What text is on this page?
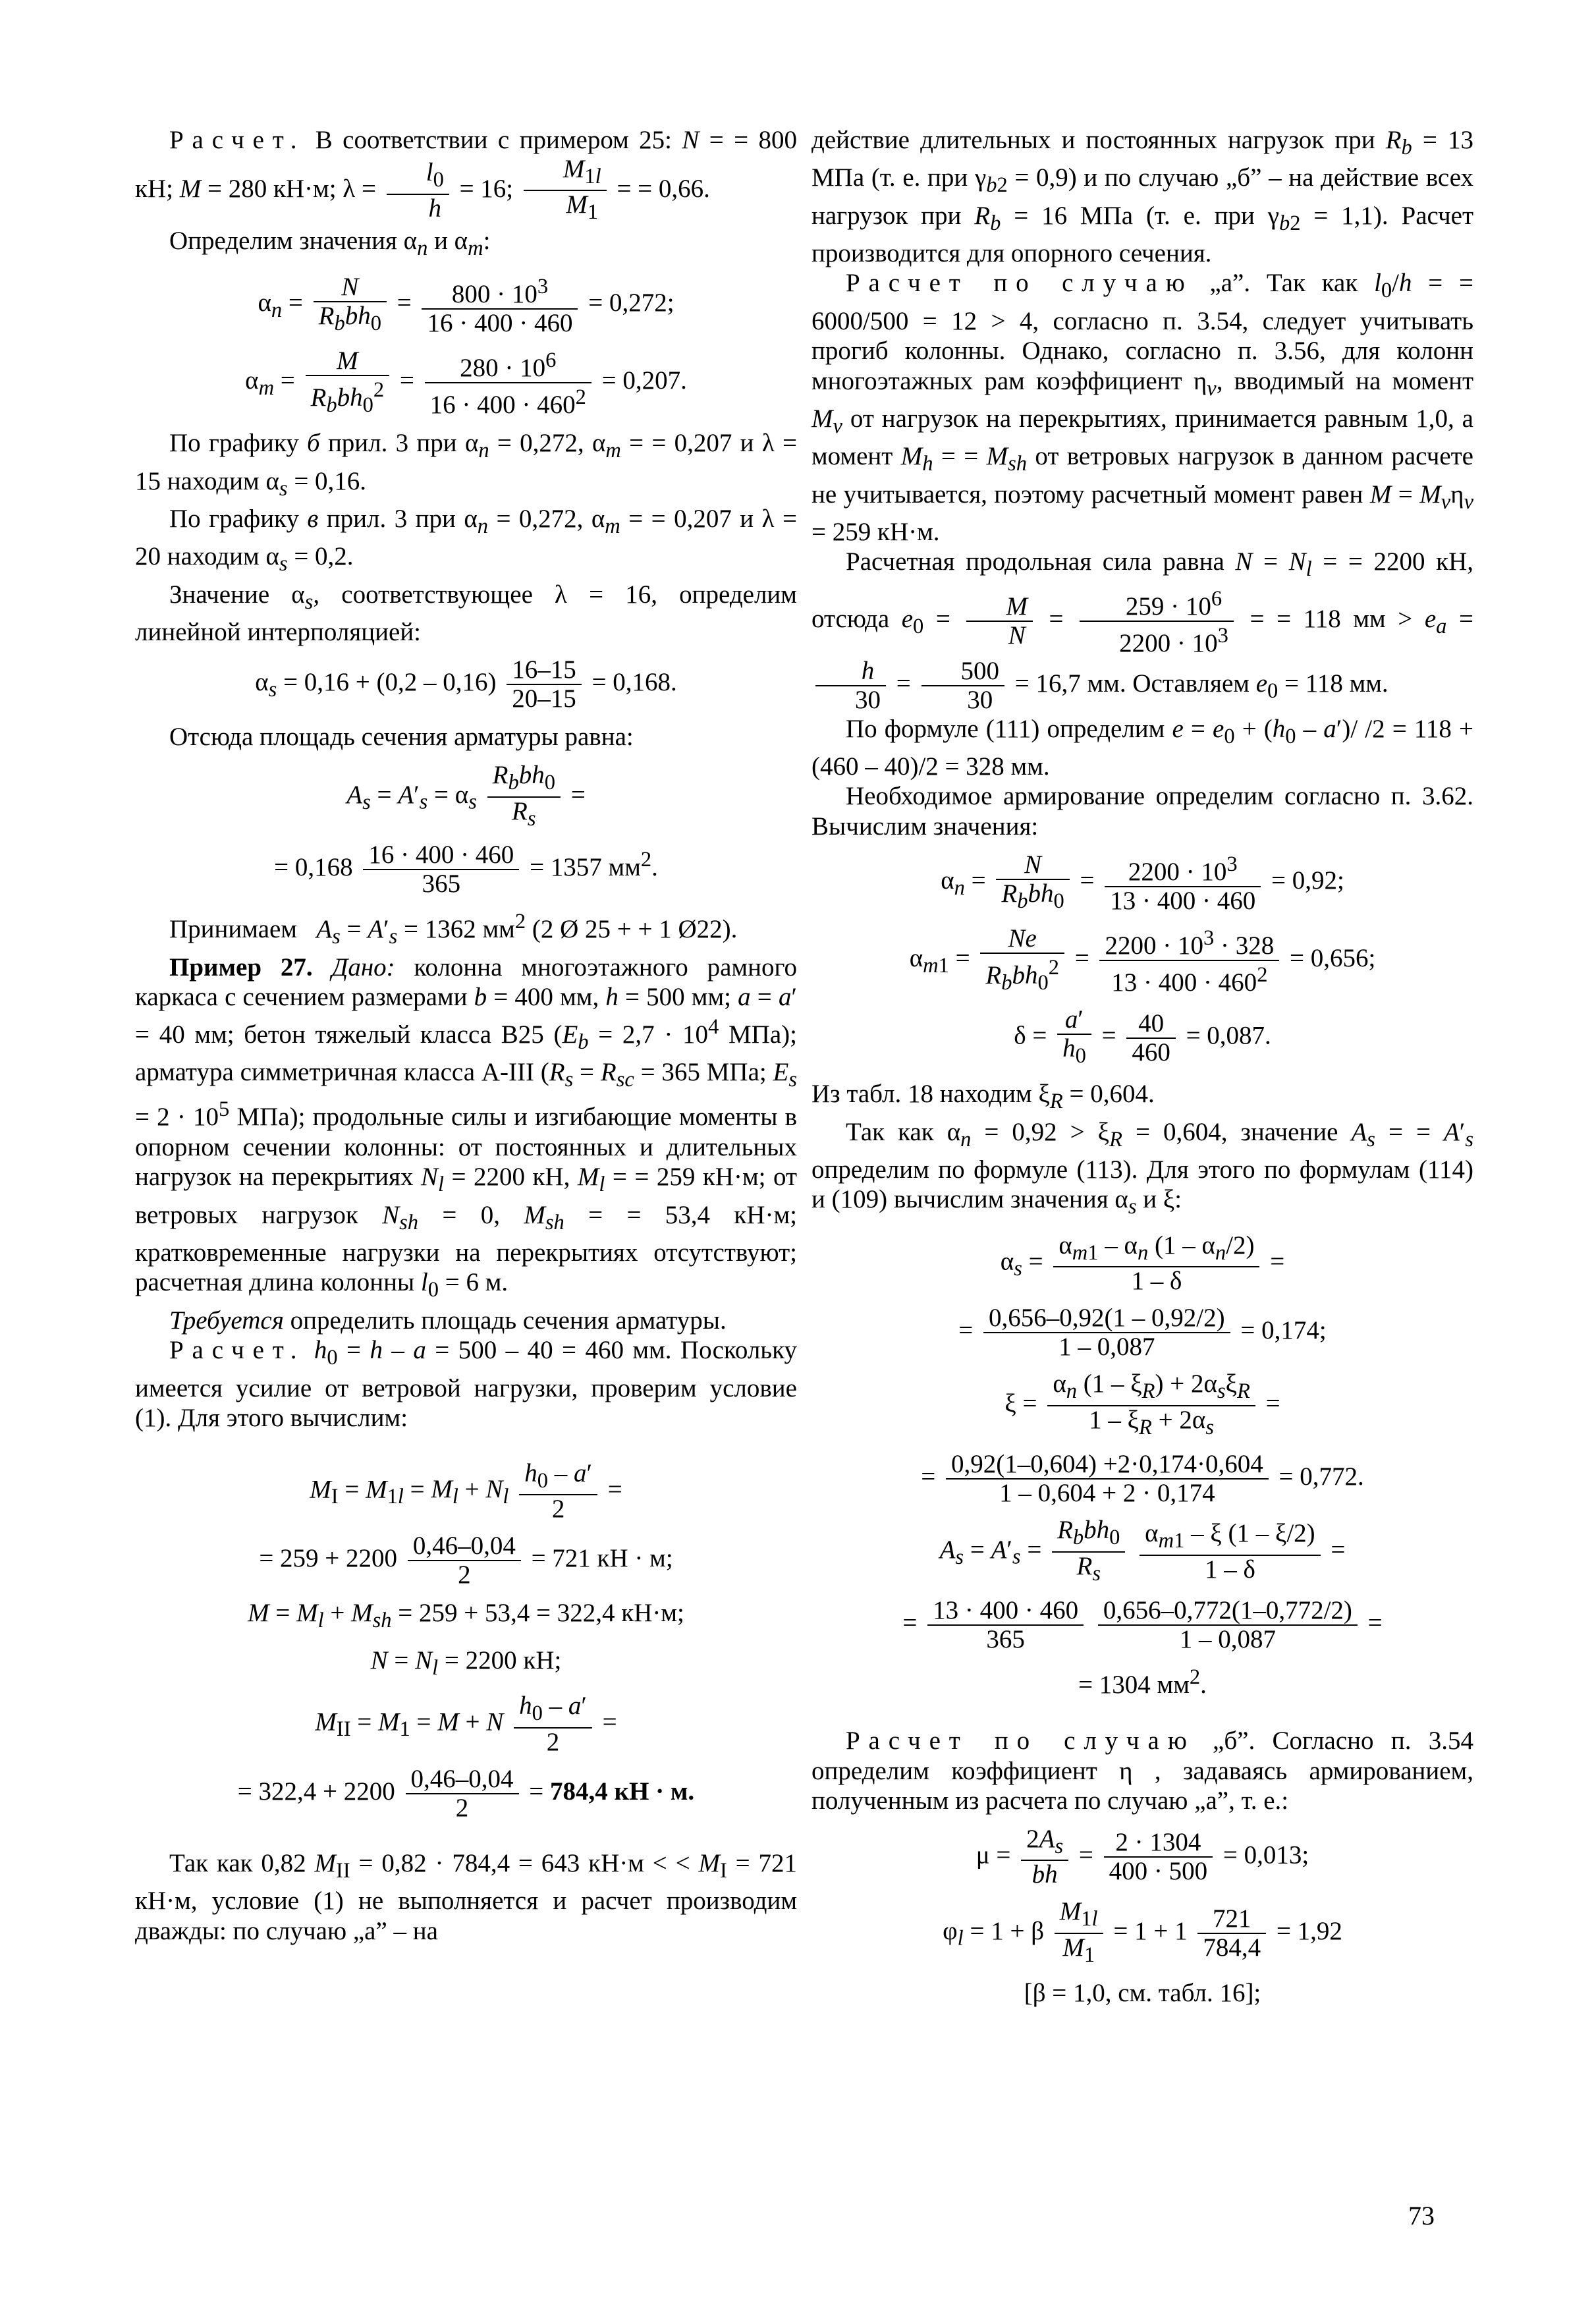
Расчет. В соответствии с примером 25: N = = 800 кН; M = 280 кН·м; $\lambda = \frac{l_0}{h} = 16$; $\frac{M_{1l}}{M_1}$ = = 0,66.

Определим значения $\alpha_n$ и $\alpha_m$:

$\alpha_n = \frac{N}{R_bbh_0} = \frac{800 \cdot 10^3}{16 \cdot 400 \cdot 460} = 0,272$;
$\alpha_m = \frac{M}{R_bbh_0^2} = \frac{280 \cdot 10^6}{16 \cdot 400 \cdot 460^2} = 0,207$.

По графику б прил. 3 при $\alpha_n = 0,272$, $\alpha_m$ = = 0,207 и λ = 15 находим $\alpha_s = 0,16$.

По графику в прил. 3 при $\alpha_n = 0,272$, $\alpha_m$ = = 0,207 и λ = 20 находим $\alpha_s = 0,2$.

Значение $\alpha_s$, соответствующее λ = 16, определим линейной интерполяцией:

$\alpha_s = 0,16 + (0,2 - 0,16) \frac{16-15}{20-15} = 0,168$.

Отсюда площадь сечения арматуры равна:

$A_s = A'_s = \alpha_s \frac{R_bbh_0}{R_s}$ =
= $0,168 \frac{16 \cdot 400 \cdot 460}{365} = 1357$ $мм^2$.

Принимаем   $A_s = A'_s = 1362$ $мм^2$ (2 Ø 25 + + 1 Ø22).

Пример 27. Дано: колонна многоэтажного рамного каркаса с сечением размерами b = 400 мм, h = 500 мм; a = a′ = 40 мм; бетон тяжелый класса В25 ($E_b = 2,7 \cdot 10^4$ МПа); арматура симметричная класса А-III ($R_s = R_{sc} = 365$ МПа; $E_s = 2 \cdot 10^5$ МПа); продольные силы и изгибающие моменты в опорном сечении колонны: от постоянных и длительных нагрузок на перекрытиях $N_l = 2200$ кН, $M_l$ = = 259 кН·м; от ветровых нагрузок $N_{sh} = 0$, $M_{sh}$ = = 53,4 кН·м; кратковременные нагрузки на перекрытиях отсутствуют; расчетная длина колонны $l_0 = 6$ м.

Требуется определить площадь сечения арматуры.

Расчет. $h_0 = h - a = 500 - 40 = 460$ мм. Поскольку имеется усилие от ветровой нагрузки, проверим условие (1). Для этого вычислим:

$M_I = M_{1l} = M_l + N_l \frac{h_0 - a'}{2}$ =
= $259 + 2200 \frac{0,46-0,04}{2} = 721$ кН · м;
$M = M_l + M_{sh} = 259 + 53,4 = 322,4$ кН·м;
$N = N_l = 2200$ кН;
$M_{II} = M_1 = M + N \frac{h_0 - a'}{2}$ =
= $322,4 + 2200 \frac{0,46-0,04}{2} = 784,4$ кН · м.

Так как 0,82 $M_{II} = 0,82 \cdot 784,4 = 643$ кН·м < < $M_I = 721$ кН·м, условие (1) не выполняется и расчет производим дважды: по случаю „а” – на

действие длительных и постоянных нагрузок при $R_b = 13$ МПа (т. е. при $\gamma_{b2} = 0,9$) и по случаю „б” – на действие всех нагрузок при $R_b = 16$ МПа (т. е. при $\gamma_{b2} = 1,1$). Расчет производится для опорного сечения.

Расчет по случаю „а”. Так как $l_0/h$ = = 6000/500 = 12 > 4, согласно п. 3.54, следует учитывать прогиб колонны. Однако, согласно п. 3.56, для колонн многоэтажных рам коэффициент $\eta_v$, вводимый на момент $M_v$ от нагрузок на перекрытиях, принимается равным 1,0, а момент $M_h$ = = $M_{sh}$ от ветровых нагрузок в данном расчете не учитывается, поэтому расчетный момент равен $M = M_v\eta_v = 259$ кН·м.

Расчетная продольная сила равна $N = N_l$ = = 2200 кН, отсюда $e_0 = \frac{M}{N} = \frac{259 \cdot 10^6}{2200 \cdot 10^3}$ = = 118 мм > $e_a$ =
$\frac{h}{30} = \frac{500}{30} = 16,7$ мм. Оставляем $e_0 = 118$ мм.

По формуле (111) определим $e = e_0 + (h_0 - a')/$ /2 = 118 + (460 – 40)/2 = 328 мм.

Необходимое армирование определим согласно п. 3.62. Вычислим значения:

$\alpha_n = \frac{N}{R_bbh_0} = \frac{2200 \cdot 10^3}{13 \cdot 400 \cdot 460} = 0,92$;
$\alpha_{m1} = \frac{Ne}{R_bbh_0^2} = \frac{2200 \cdot 10^3 \cdot 328}{13 \cdot 400 \cdot 460^2} = 0,656$;
$\delta = \frac{a'}{h_0} = \frac{40}{460} = 0,087$.

Из табл. 18 находим $\xi_R = 0,604$.

Так как $\alpha_n = 0,92 > \xi_R = 0,604$, значение $A_s$ = = $A'_s$ определим по формуле (113). Для этого по формулам (114) и (109) вычислим значения $\alpha_s$ и ξ:

$\alpha_s = \frac{\alpha_{m1} - \alpha_n (1 - \alpha_n/2)}{1 - \delta}$ =
= $\frac{0,656-0,92(1 - 0,92/2)}{1 - 0,087} = 0,174$;
$\xi = \frac{\alpha_n (1 - \xi_R) + 2\alpha_s\xi_R}{1 - \xi_R + 2\alpha_s}$ =
= $\frac{0,92(1-0,604) +2\cdot 0,174\cdot 0,604}{1 - 0,604 + 2 \cdot 0,174} = 0,772$.
$A_s = A'_s = \frac{R_bbh_0}{R_s}$
$\frac{\alpha_{m1} - \xi (1 - \xi/2)}{1 - \delta}$ =
= $\frac{13 \cdot 400 \cdot 460}{365}$
$\frac{0,656-0,772(1-0,772/2)}{1 - 0,087}$ =
= 1304 $мм^2$.

Расчет по случаю „б”. Согласно п. 3.54 определим коэффициент η , задаваясь армированием, полученным из расчета по случаю „а”, т. е.:

$\mu = \frac{2A_s}{bh} = \frac{2 \cdot 1304}{400 \cdot 500} = 0,013$;
$\varphi_l = 1 + \beta \frac{M_{1l}}{M_1} = 1 + 1 \frac{721}{784,4} = 1,92$
[β = 1,0, см. табл. 16];
73
